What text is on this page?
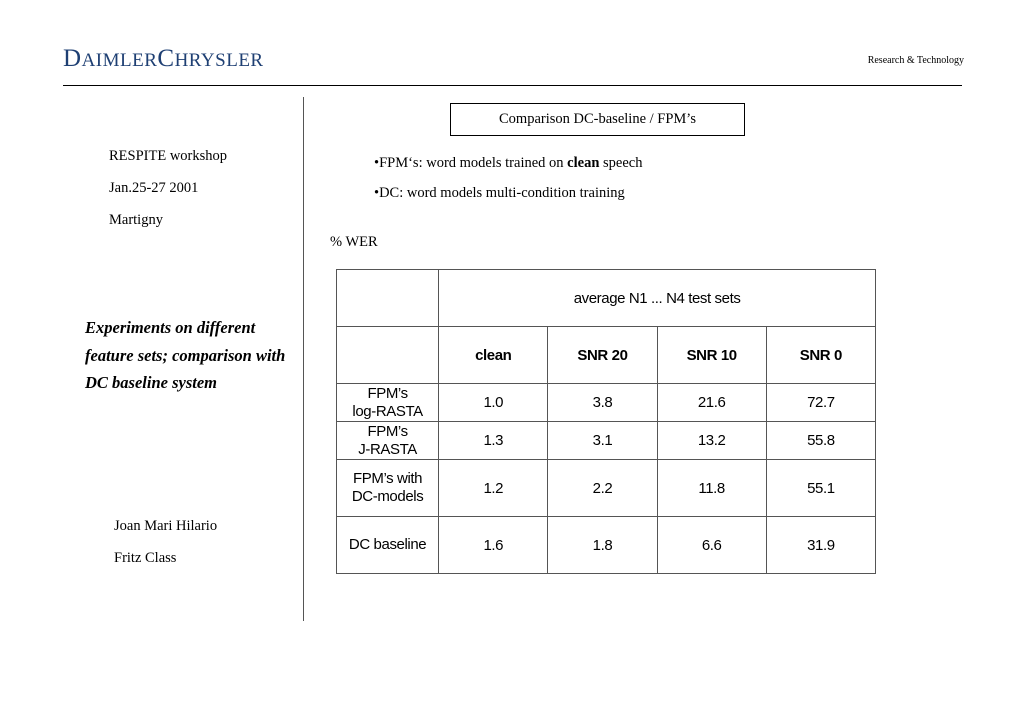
DAIMLERCHRYSLER	Research & Technology
RESPITE workshop
Jan.25-27 2001
Martigny
Experiments on different feature sets; comparison with DC baseline system
Joan Mari Hilario
Fritz Class
Comparison DC-baseline / FPM’s
•FPM‘s: word models trained on clean speech
•DC: word models multi-condition training
% WER
	average N1 ... N4 test sets			
	clean	SNR 20	SNR 10	SNR 0
FPM’s
log-RASTA	1.0	3.8	21.6	72.7
FPM’s
J-RASTA	1.3	3.1	13.2	55.8
FPM’s with
DC-models	1.2	2.2	11.8	55.1
DC baseline	1.6	1.8	6.6	31.9
